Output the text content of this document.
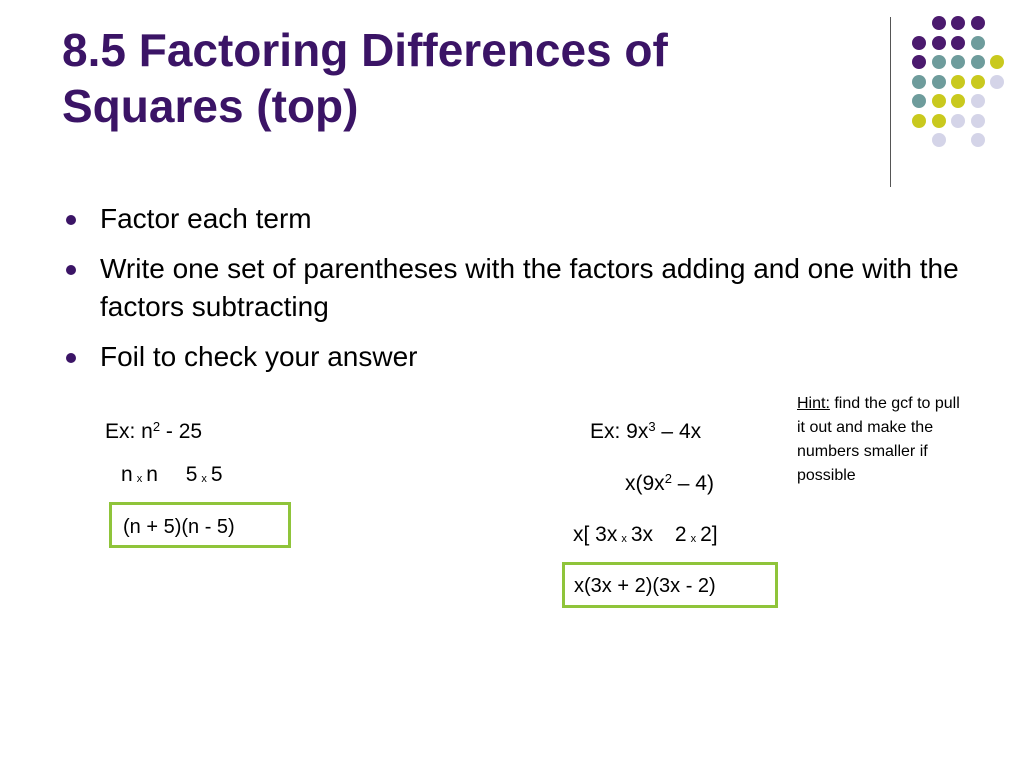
8.5 Factoring Differences of
Squares (top)
Factor each term
Write one set of parentheses with the factors adding and one with the factors subtracting
Foil to check your answer
Ex: $n^2 - 25$
nx n 5 x 5
(n + 5)(n - 5)
Ex: $9x^3 - 4x$
$x(9x^2 - 4)$
x[ 3x x 3x 2 x 2]
x(3x + 2)(3x - 2)
Hint: find the gcf to pull it out and make the numbers smaller if possible
